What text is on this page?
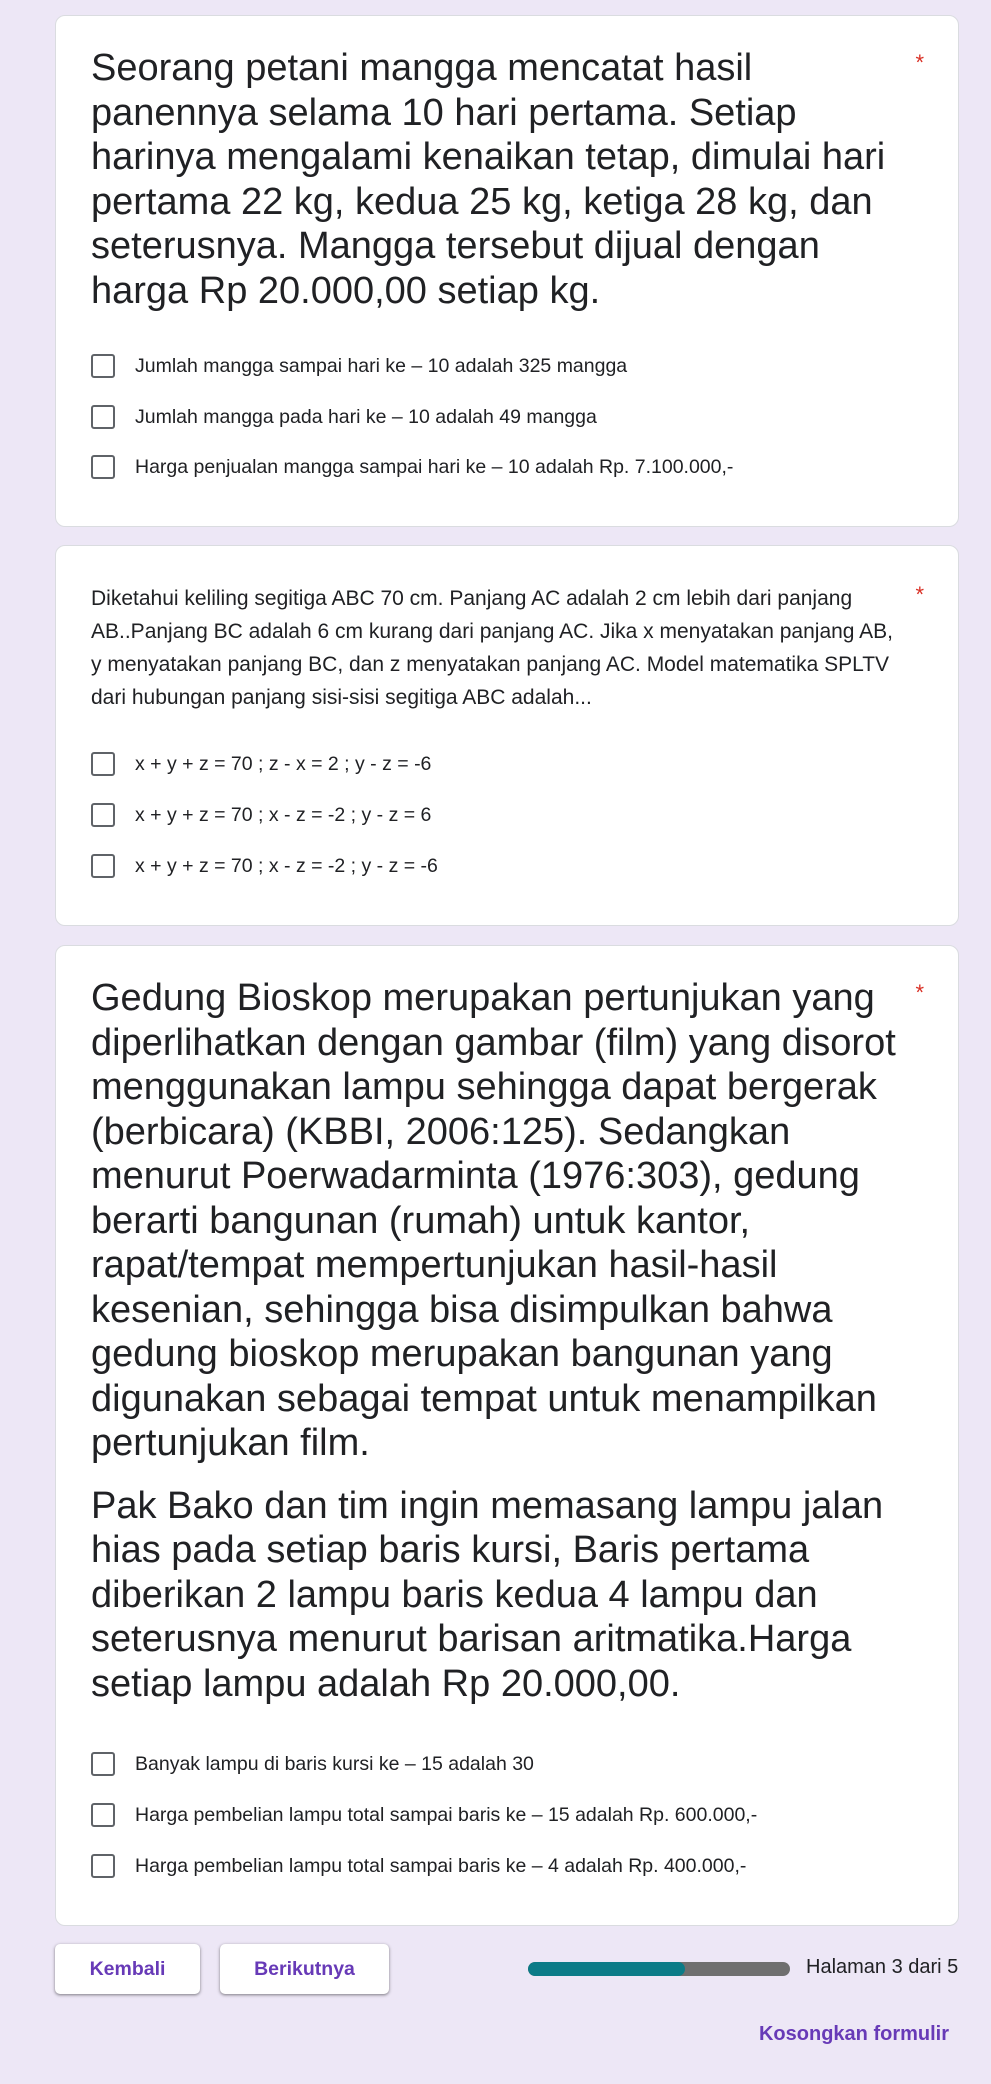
Seorang petani mangga mencatat hasil panennya selama 10 hari pertama. Setiap harinya mengalami kenaikan tetap, dimulai hari pertama 22 kg, kedua 25 kg, ketiga 28 kg, dan seterusnya. Mangga tersebut dijual dengan harga Rp 20.000,00 setiap kg.

*
Jumlah mangga sampai hari ke – 10 adalah 325 mangga
Jumlah mangga pada hari ke – 10 adalah 49 mangga
Harga penjualan mangga sampai hari ke – 10 adalah Rp. 7.100.000,-

Diketahui keliling segitiga ABC 70 cm. Panjang AC adalah 2 cm lebih dari panjang AB..Panjang BC adalah 6 cm kurang dari panjang AC. Jika x menyatakan panjang AB, y menyatakan panjang BC, dan z menyatakan panjang AC. Model matematika SPLTV dari hubungan panjang sisi-sisi segitiga ABC adalah...

*
x + y + z = 70 ; z - x = 2 ; y - z = -6
x + y + z = 70 ; x - z = -2 ; y - z = 6
x + y + z = 70 ; x - z = -2 ; y - z = -6
Gedung Bioskop merupakan pertunjukan yang diperlihatkan dengan gambar (film) yang disorot menggunakan lampu sehingga dapat bergerak (berbicara) (KBBI, 2006:125). Sedangkan menurut Poerwadarminta (1976:303), gedung berarti bangunan (rumah) untuk kantor, rapat/tempat mempertunjukan hasil-hasil kesenian, sehingga bisa disimpulkan bahwa gedung bioskop merupakan bangunan yang digunakan sebagai tempat untuk menampilkan pertunjukan film.
Pak Bako dan tim ingin memasang lampu jalan hias pada setiap baris kursi, Baris pertama diberikan 2 lampu baris kedua 4 lampu dan seterusnya menurut barisan aritmatika.Harga setiap lampu adalah Rp 20.000,00.
*
Banyak lampu di baris kursi ke – 15 adalah 30
Harga pembelian lampu total sampai baris ke – 15 adalah Rp. 600.000,-
Harga pembelian lampu total sampai baris ke – 4 adalah Rp. 400.000,-
Kembali	Berikutnya	Halaman 3 dari 5
Kosongkan formulir
